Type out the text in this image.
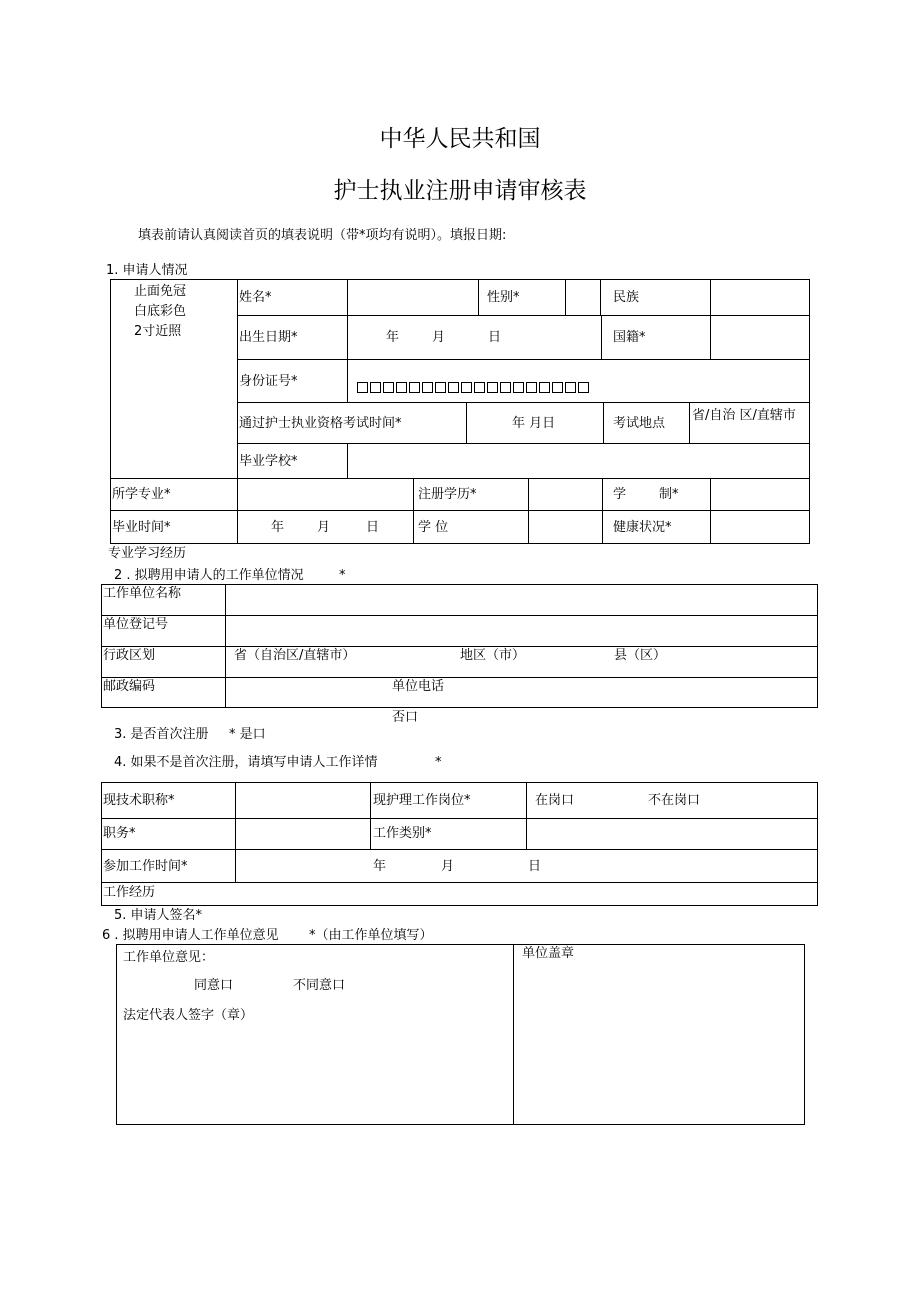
中华人民共和国
护士执业注册申请审核表
填表前请认真阅读首页的填表说明（带*项均有说明）。填报日期:
1. 申请人情况
止面免冠
白底彩色
2寸近照
姓名*	性别*	民族
出生日期*	年	月	日	国籍*
身份证号*
通过护士执业资格考试时间*	年 月日	考试地点
省/自治 区/直辖市
毕业学校*
所学专业*	注册学历*	学	制*
毕业时间*	年	月	日	学 位	健康状况*
专业学习经历
2 . 拟聘用申请人的工作单位情况	*
工作单位名称
单位登记号
行政区划	省（自治区/直辖市）	地区（市）	县（区）
邮政编码	单位电话
否口
3. 是否首次注册 * 是口
4. 如果不是首次注册，请填写申请人工作详情	*
现技术职称*	现护理工作岗位*	在岗口	不在岗口
职务*	工作类别*
参加工作时间*	年	月	日
工作经历
5. 申请人签名*
6 . 拟聘用申请人工作单位意见 *（由工作单位填写）
工作单位意见：
同意口	不同意口
法定代表人签字（章）
单位盖章
